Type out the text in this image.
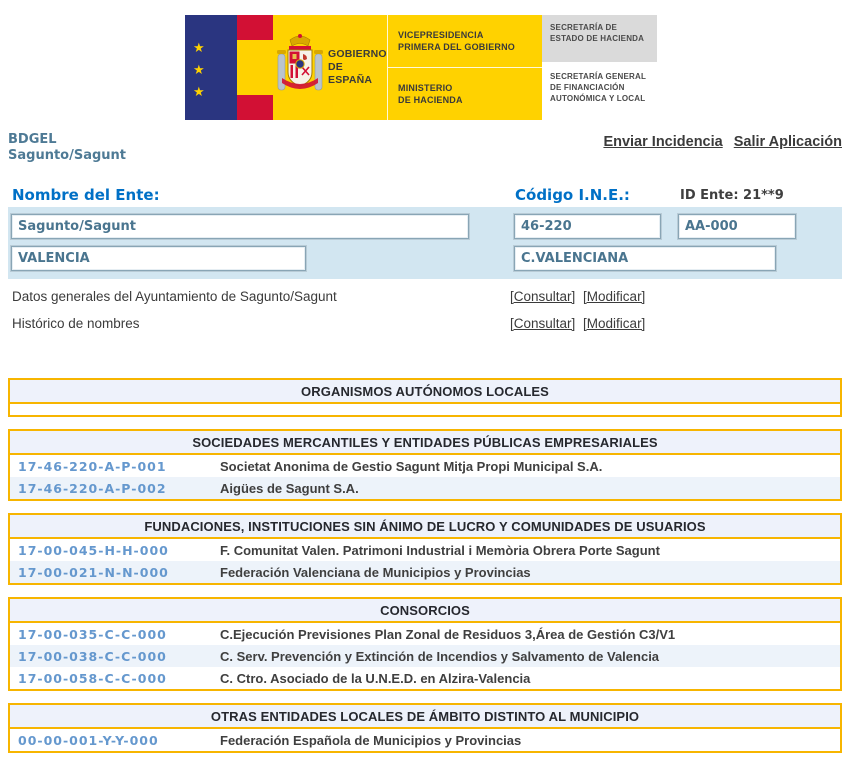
★
★
★
GOBIERNO
DE ESPAÑA
VICEPRESIDENCIA
PRIMERA DEL GOBIERNO
MINISTERIO
DE HACIENDA
SECRETARÍA DE ESTADO DE HACIENDA
SECRETARÍA GENERAL DE FINANCIACIÓN AUTONÓMICA Y LOCAL
BDGEL
Sagunto/Sagunt
Enviar Incidencia Salir Aplicación
Nombre del Ente:	Código I.N.E.:	ID Ente: 21**9
Sagunto/Sagunt
46-220
AA-000
VALENCIA
C.VALENCIANA
Datos generales del Ayuntamiento de Sagunto/Sagunt	[Consultar] [Modificar]
Histórico de nombres	[Consultar] [Modificar]
ORGANISMOS AUTÓNOMOS LOCALES
SOCIEDADES MERCANTILES Y ENTIDADES PÚBLICAS EMPRESARIALES
17-46-220-A-P-001	Societat Anonima de Gestio Sagunt Mitja Propi Municipal S.A.
17-46-220-A-P-002	Aigües de Sagunt S.A.
FUNDACIONES, INSTITUCIONES SIN ÁNIMO DE LUCRO Y COMUNIDADES DE USUARIOS
17-00-045-H-H-000	F. Comunitat Valen. Patrimoni Industrial i Memòria Obrera Porte Sagunt
17-00-021-N-N-000	Federación Valenciana de Municipios y Provincias
CONSORCIOS
17-00-035-C-C-000	C.Ejecución Previsiones Plan Zonal de Residuos 3,Área de Gestión C3/V1
17-00-038-C-C-000	C. Serv. Prevención y Extinción de Incendios y Salvamento de Valencia
17-00-058-C-C-000	C. Ctro. Asociado de la U.N.E.D. en Alzira-Valencia
OTRAS ENTIDADES LOCALES DE ÁMBITO DISTINTO AL MUNICIPIO
00-00-001-Y-Y-000	Federación Española de Municipios y Provincias
